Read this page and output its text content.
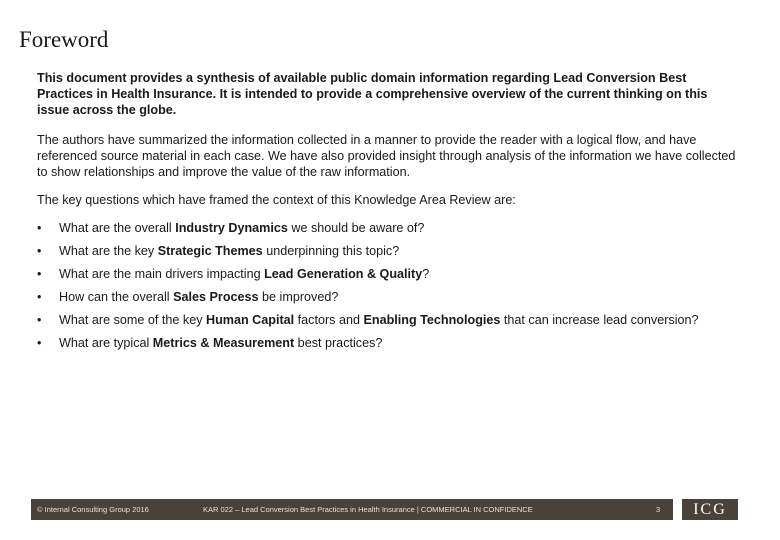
Foreword

This document provides a synthesis of available public domain information regarding Lead Conversion Best Practices in Health Insurance. It is intended to provide a comprehensive overview of the current thinking on this issue across the globe.

The authors have summarized the information collected in a manner to provide the reader with a logical flow, and have referenced source material in each case. We have also provided insight through analysis of the information we have collected to show relationships and improve the value of the raw information.

The key questions which have framed the context of this Knowledge Area Review are:

• What are the overall Industry Dynamics we should be aware of?
• What are the key Strategic Themes underpinning this topic?
• What are the main drivers impacting Lead Generation & Quality?
• How can the overall Sales Process be improved?
• What are some of the key Human Capital factors and Enabling Technologies that can increase lead conversion?
• What are typical Metrics & Measurement best practices?
© Internal Consulting Group 2016	KAR 022 – Lead Conversion Best Practices in Health Insurance | COMMERCIAL IN CONFIDENCE	3	ICG
